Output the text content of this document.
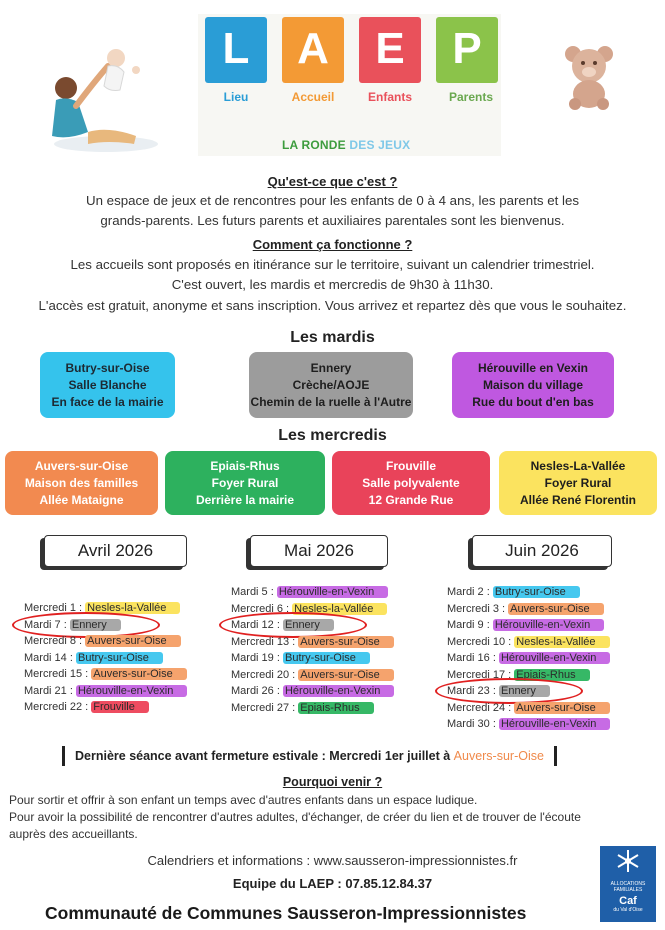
L	A	E	P
Lieu	Accueil	Enfants	Parents
LA RONDE DES JEUX
Qu'est-ce que c'est ?
Un espace de jeux et de rencontres pour les enfants de 0 à 4 ans, les parents et les
grands-parents. Les futurs parents et auxiliaires parentales sont les bienvenus.
Comment ça fonctionne ?
Les accueils sont proposés en itinérance sur le territoire, suivant un calendrier trimestriel.
C'est ouvert, les mardis et mercredis de 9h30 à 11h30.
L'accès est gratuit, anonyme et sans inscription. Vous arrivez et repartez dès que vous le souhaitez.
Les mardis
Butry-sur-Oise
Salle Blanche
En face de la mairie
Ennery
Crèche/AOJE
Chemin de la ruelle à l'Autre
Hérouville en Vexin
Maison du village
Rue du bout d'en bas
Les mercredis
Auvers-sur-Oise
Maison des familles
Allée Mataigne
Epiais-Rhus
Foyer Rural
Derrière la mairie
Frouville
Salle polyvalente
12 Grande Rue
Nesles-La-Vallée
Foyer Rural
Allée René Florentin
Avril 2026	Mai 2026	Juin 2026
Mercredi 1 : Nesles-la-Vallée
Mardi 7 : Ennery
Mercredi 8 : Auvers-sur-Oise
Mardi 14 : Butry-sur-Oise
Mercredi 15 : Auvers-sur-Oise
Mardi 21 : Hérouville-en-Vexin
Mercredi 22 : Frouville
Mardi 5 : Hérouville-en-Vexin
Mercredi 6 : Nesles-la-Vallée
Mardi 12 : Ennery
Mercredi 13 : Auvers-sur-Oise
Mardi 19 : Butry-sur-Oise
Mercredi 20 : Auvers-sur-Oise
Mardi 26 : Hérouville-en-Vexin
Mercredi 27 : Epiais-Rhus
Mardi 2 : Butry-sur-Oise
Mercredi 3 : Auvers-sur-Oise
Mardi 9 : Hérouville-en-Vexin
Mercredi 10 : Nesles-la-Vallée
Mardi 16 : Hérouville-en-Vexin
Mercredi 17 : Epiais-Rhus
Mardi 23 : Ennery
Mercredi 24 : Auvers-sur-Oise
Mardi 30 : Hérouville-en-Vexin
Dernière séance avant fermeture estivale : Mercredi 1er juillet à Auvers-sur-Oise
Pourquoi venir ?
Pour sortir et offrir à son enfant un temps avec d'autres enfants dans un espace ludique.
Pour avoir la possibilité de rencontrer d'autres adultes, d'échanger, de créer du lien et de trouver de l'écoute
auprès des accueillants.
Calendriers et informations : www.sausseron-impressionnistes.fr
Equipe du LAEP : 07.85.12.84.37
Communauté de Communes Sausseron-Impressionnistes
ALLOCATIONS FAMILIALES
Caf
du Val d'Oise
